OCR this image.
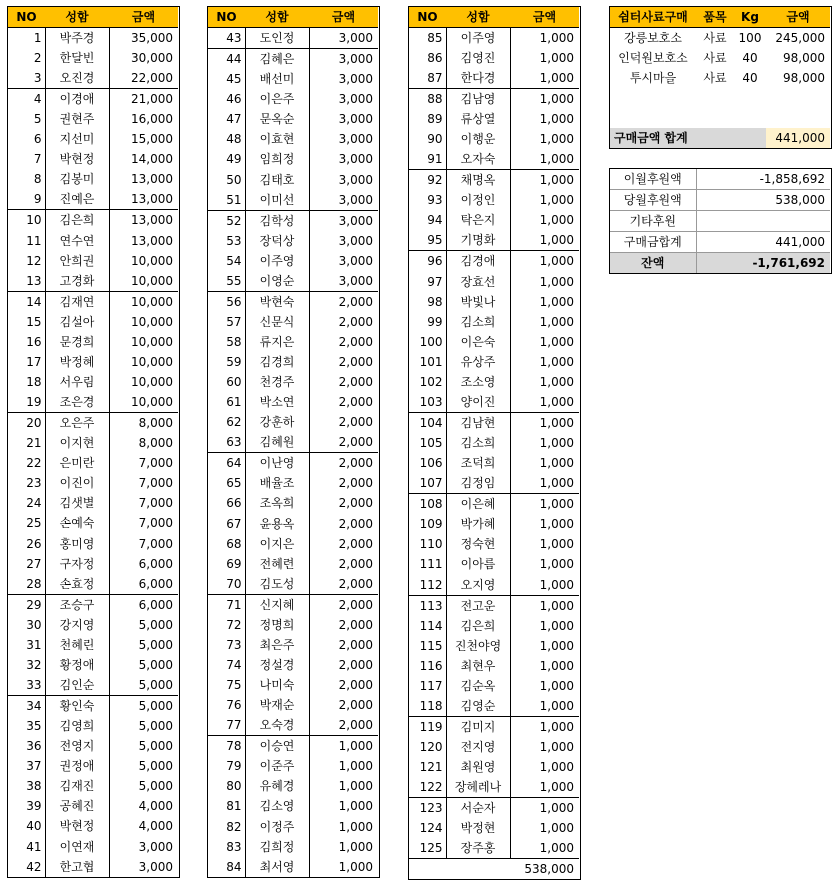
NO	성함	금액
1	박주경	35,000
2	한달빈	30,000
3	오진경	22,000
4	이경애	21,000
5	권현주	16,000
6	지선미	15,000
7	박현정	14,000
8	김봉미	13,000
9	진예은	13,000
10	김은희	13,000
11	연수연	13,000
12	안희권	10,000
13	고경화	10,000
14	김재연	10,000
15	김설아	10,000
16	문경희	10,000
17	박정혜	10,000
18	서우림	10,000
19	조은경	10,000
20	오은주	8,000
21	이지현	8,000
22	은미란	7,000
23	이진이	7,000
24	김샛별	7,000
25	손예숙	7,000
26	홍미영	7,000
27	구자정	6,000
28	손효정	6,000
29	조승구	6,000
30	강지영	5,000
31	천혜린	5,000
32	황정애	5,000
33	김인순	5,000
34	황인숙	5,000
35	김영희	5,000
36	전영지	5,000
37	권정애	5,000
38	김재진	5,000
39	공혜진	4,000
40	박현정	4,000
41	이연재	3,000
42	한고협	3,000
NO	성함	금액
43	도인정	3,000
44	김혜은	3,000
45	배선미	3,000
46	이은주	3,000
47	문옥순	3,000
48	이효현	3,000
49	임희정	3,000
50	김태호	3,000
51	이미선	3,000
52	김학성	3,000
53	장덕상	3,000
54	이주영	3,000
55	이영순	3,000
56	박현숙	2,000
57	신문식	2,000
58	류지은	2,000
59	김경희	2,000
60	천경주	2,000
61	박소연	2,000
62	강훈하	2,000
63	김혜원	2,000
64	이난영	2,000
65	배율조	2,000
66	조옥희	2,000
67	윤용옥	2,000
68	이지은	2,000
69	전혜련	2,000
70	김도성	2,000
71	신지혜	2,000
72	정명희	2,000
73	최은주	2,000
74	정설경	2,000
75	나미숙	2,000
76	박재순	2,000
77	오숙경	2,000
78	이승연	1,000
79	이준주	1,000
80	유혜경	1,000
81	김소영	1,000
82	이정주	1,000
83	김희정	1,000
84	최서영	1,000
NO	성함	금액
85	이주영	1,000
86	김영진	1,000
87	한다경	1,000
88	김남영	1,000
89	류상열	1,000
90	이행운	1,000
91	오자숙	1,000
92	채명옥	1,000
93	이정인	1,000
94	탁은지	1,000
95	기명화	1,000
96	김경애	1,000
97	장효선	1,000
98	박빛나	1,000
99	김소희	1,000
100	이은숙	1,000
101	유상주	1,000
102	조소영	1,000
103	양이진	1,000
104	김남현	1,000
105	김소희	1,000
106	조덕희	1,000
107	김정임	1,000
108	이은혜	1,000
109	박가혜	1,000
110	정숙현	1,000
111	이아름	1,000
112	오지영	1,000
113	전고운	1,000
114	김은희	1,000
115	진천야영	1,000
116	최현우	1,000
117	김순옥	1,000
118	김영순	1,000
119	김미지	1,000
120	전지영	1,000
121	최원영	1,000
122	장헤레나	1,000
123	서순자	1,000
124	박정현	1,000
125	장주홍	1,000
		538,000
쉼터사료구매	품목	Kg	금액
강릉보호소	사료	100	245,000
인덕원보호소	사료	40	98,000
투시마을	사료	40	98,000

구매금액 합계			441,000
이월후원액	-1,858,692
당월후원액	538,000
기타후원	
구매금합계	441,000
잔액	-1,761,692
